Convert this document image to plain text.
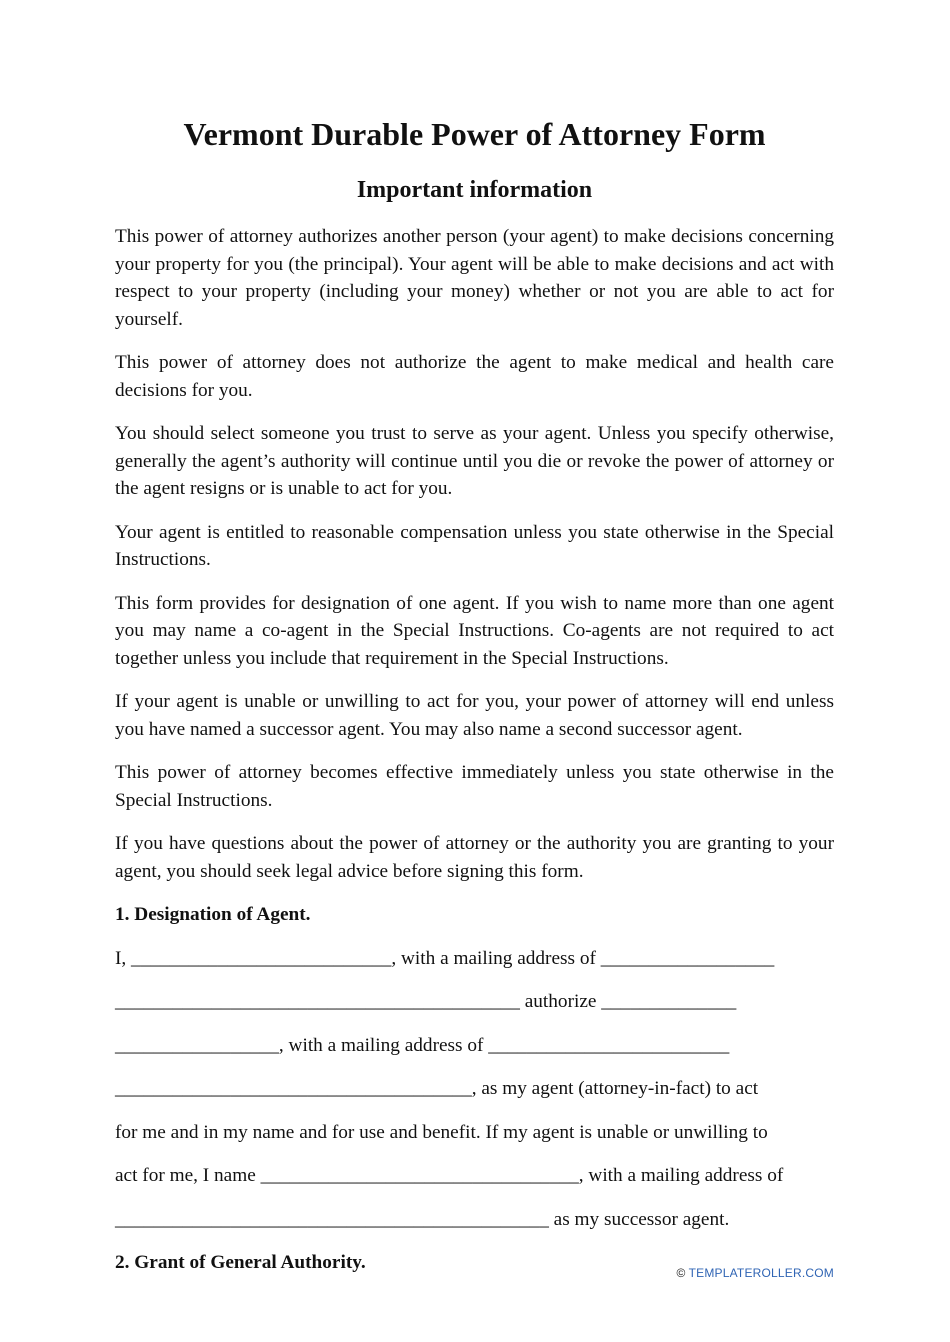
Vermont Durable Power of Attorney Form
Important information

This power of attorney authorizes another person (your agent) to make decisions concerning your property for you (the principal). Your agent will be able to make decisions and act with respect to your property (including your money) whether or not you are able to act for yourself.

This power of attorney does not authorize the agent to make medical and health care decisions for you.

You should select someone you trust to serve as your agent. Unless you specify otherwise, generally the agent’s authority will continue until you die or revoke the power of attorney or the agent resigns or is unable to act for you.

Your agent is entitled to reasonable compensation unless you state otherwise in the Special Instructions.

This form provides for designation of one agent. If you wish to name more than one agent you may name a co-agent in the Special Instructions. Co-agents are not required to act together unless you include that requirement in the Special Instructions.

If your agent is unable or unwilling to act for you, your power of attorney will end unless you have named a successor agent. You may also name a second successor agent.

This power of attorney becomes effective immediately unless you state otherwise in the Special Instructions.

If you have questions about the power of attorney or the authority you are granting to your agent, you should seek legal advice before signing this form.

1. Designation of Agent.

I, ___________________________, with a mailing address of __________________

__________________________________________ authorize ______________

_________________, with a mailing address of _________________________

_____________________________________, as my agent (attorney-in-fact) to act

for me and in my name and for use and benefit. If my agent is unable or unwilling to

act for me, I name _________________________________, with a mailing address of

_____________________________________________ as my successor agent.

2. Grant of General Authority.	© TEMPLATEROLLER.COM
